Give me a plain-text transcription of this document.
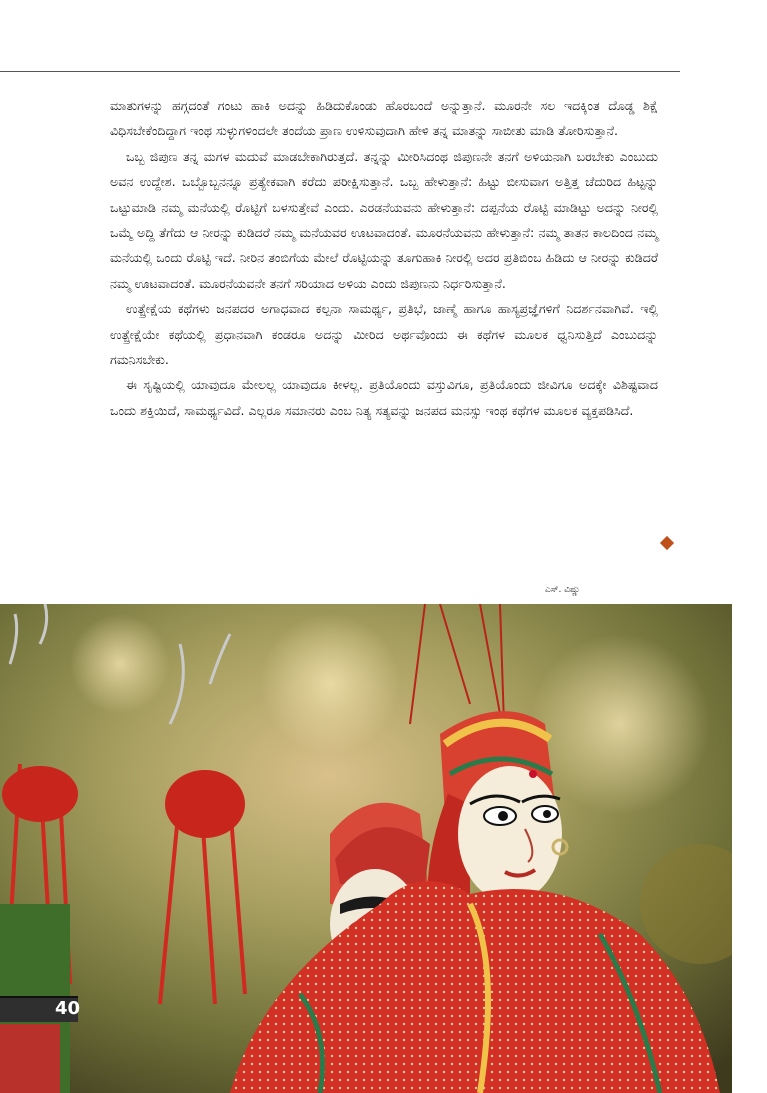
ಮಾತುಗಳನ್ನು ಹಗ್ಗದಂತೆ ಗಂಟು ಹಾಕಿ ಅದನ್ನು ಹಿಡಿದುಕೊಂಡು ಹೊರಬಂದೆ ಅನ್ನುತ್ತಾನೆ. ಮೂರನೇ ಸಲ ಇದಕ್ಕಿಂತ ದೊಡ್ಡ ಶಿಕ್ಷೆ ವಿಧಿಸಬೇಕೆಂದಿದ್ದಾಗ ಇಂಥ ಸುಳ್ಳುಗಳಿಂದಲೇ ತಂದೆಯ ಪ್ರಾಣ ಉಳಿಸುವುದಾಗಿ ಹೇಳಿ ತನ್ನ ಮಾತನ್ನು ಸಾಬೀತು ಮಾಡಿ ತೋರಿಸುತ್ತಾನೆ.

ಒಬ್ಬ ಜಿಪುಣ ತನ್ನ ಮಗಳ ಮದುವೆ ಮಾಡಬೇಕಾಗಿರುತ್ತದೆ. ತನ್ನನ್ನು ಮೀರಿಸಿದಂಥ ಜಿಪುಣನೇ ತನಗೆ ಅಳಿಯನಾಗಿ ಬರಬೇಕು ಎಂಬುದು ಅವನ ಉದ್ದೇಶ. ಒಬ್ಬೊಬ್ಬನನ್ನೂ ಪ್ರತ್ಯೇಕವಾಗಿ ಕರೆದು ಪರೀಕ್ಷಿಸುತ್ತಾನೆ. ಒಬ್ಬ ಹೇಳುತ್ತಾನೆ: ಹಿಟ್ಟು ಬೀಸುವಾಗ ಅತ್ತಿತ್ತ ಚೆದುರಿದ ಹಿಟ್ಟನ್ನು ಒಟ್ಟುಮಾಡಿ ನಮ್ಮ ಮನೆಯಲ್ಲಿ ರೊಟ್ಟಿಗೆ ಬಳಸುತ್ತೇವೆ ಎಂದು. ಎರಡನೆಯವನು ಹೇಳುತ್ತಾನೆ: ದಪ್ಪನೆಯ ರೊಟ್ಟಿ ಮಾಡಿಟ್ಟು ಅದನ್ನು ನೀರಲ್ಲಿ ಒಮ್ಮೆ ಅದ್ದಿ ತೆಗೆದು ಆ ನೀರನ್ನು ಕುಡಿದರೆ ನಮ್ಮ ಮನೆಯವರ ಊಟವಾದಂತೆ. ಮೂರನೆಯವನು ಹೇಳುತ್ತಾನೆ: ನಮ್ಮ ತಾತನ ಕಾಲದಿಂದ ನಮ್ಮ ಮನೆಯಲ್ಲಿ ಒಂದು ರೊಟ್ಟಿ ಇದೆ. ನೀರಿನ ತಂಬಿಗೆಯ ಮೇಲೆ ರೊಟ್ಟಿಯನ್ನು ತೂಗುಹಾಕಿ ನೀರಲ್ಲಿ ಅದರ ಪ್ರತಿಬಿಂಬ ಹಿಡಿದು ಆ ನೀರನ್ನು ಕುಡಿದರೆ ನಮ್ಮ ಊಟವಾದಂತೆ. ಮೂರನೆಯವನೇ ತನಗೆ ಸರಿಯಾದ ಅಳಿಯ ಎಂದು ಜಿಪುಣನು ನಿರ್ಧರಿಸುತ್ತಾನೆ.

ಉತ್ಪ್ರೇಕ್ಷೆಯ ಕಥೆಗಳು ಜನಪದರ ಅಗಾಧವಾದ ಕಲ್ಪನಾ ಸಾಮರ್ಥ್ಯ, ಪ್ರತಿಭೆ, ಜಾಣ್ಮೆ ಹಾಗೂ ಹಾಸ್ಯಪ್ರಜ್ಞೆಗಳಿಗೆ ನಿದರ್ಶನವಾಗಿವೆ. ಇಲ್ಲಿ ಉತ್ಪ್ರೇಕ್ಷೆಯೇ ಕಥೆಯಲ್ಲಿ ಪ್ರಧಾನವಾಗಿ ಕಂಡರೂ ಅದನ್ನು ಮೀರಿದ ಅರ್ಥವೊಂದು ಈ ಕಥೆಗಳ ಮೂಲಕ ಧ್ವನಿಸುತ್ತಿದೆ ಎಂಬುದನ್ನು ಗಮನಿಸಬೇಕು.

ಈ ಸೃಷ್ಟಿಯಲ್ಲಿ ಯಾವುದೂ ಮೇಲಲ್ಲ ಯಾವುದೂ ಕೀಳಲ್ಲ. ಪ್ರತಿಯೊಂದು ವಸ್ತುವಿಗೂ, ಪ್ರತಿಯೊಂದು ಜೀವಿಗೂ ಅದಕ್ಕೇ ವಿಶಿಷ್ಟವಾದ ಒಂದು ಶಕ್ತಿಯಿದೆ, ಸಾಮರ್ಥ್ಯವಿದೆ. ಎಲ್ಲರೂ ಸಮಾನರು ಎಂಬ ನಿತ್ಯ ಸತ್ಯವನ್ನು ಜನಪದ ಮನಸ್ಸು ಇಂಥ ಕಥೆಗಳ ಮೂಲಕ ವ್ಯಕ್ತಪಡಿಸಿದೆ.

ಎಸ್. ವಿಷ್ಣು
40
